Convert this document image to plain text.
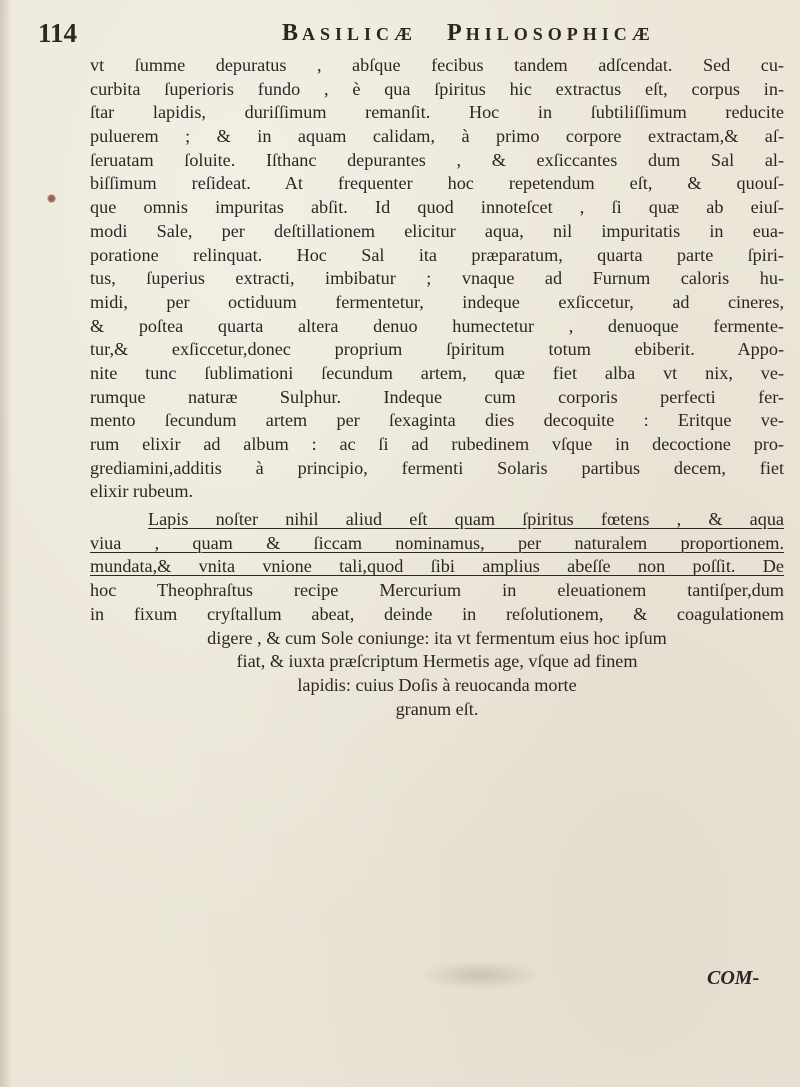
114	BASILICÆ PHILOSOPHICÆ
vt ſumme depuratus , abſque fecibus tandem adſcendat. Sed cu-
curbita ſuperioris fundo , è qua ſpiritus hic extractus eſt, corpus in-
ſtar lapidis, duriſſimum remanſit. Hoc in ſubtiliſſimum reducite
puluerem ; & in aquam calidam, à primo corpore extractam,& aſ-
ſeruatam ſoluite. Iſthanc depurantes , & exſiccantes dum Sal al-
biſſimum reſideat. At frequenter hoc repetendum eſt, & quouſ-
que omnis impuritas abſit. Id quod innoteſcet , ſi quæ ab eiuſ-
modi Sale, per deſtillationem elicitur aqua, nil impuritatis in eua-
poratione relinquat. Hoc Sal ita præparatum, quarta parte ſpiri-
tus, ſuperius extracti, imbibatur ; vnaque ad Furnum caloris hu-
midi, per octiduum fermentetur, indeque exſiccetur, ad cineres,
& poſtea quarta altera denuo humectetur , denuoque fermente-
tur,& exſiccetur,donec proprium ſpiritum totum ebiberit. Appo-
nite tunc ſublimationi ſecundum artem, quæ fiet alba vt nix, ve-
rumque naturæ Sulphur. Indeque cum corporis perfecti fer-
mento ſecundum artem per ſexaginta dies decoquite : Eritque ve-
rum elixir ad album : ac ſi ad rubedinem vſque in decoctione pro-
grediamini,additis à principio, fermenti Solaris partibus decem, fiet
elixir rubeum.
Lapis noſter nihil aliud eſt quam ſpiritus fœtens , & aqua
viua , quam & ſiccam nominamus, per naturalem proportionem.
mundata,& vnita vnione tali,quod ſibi amplius abeſſe non poſſit. De
hoc Theophraſtus recipe Mercurium in eleuationem tantiſper,dum
in fixum cryſtallum abeat, deinde in reſolutionem, & coagulationem
digere , & cum Sole coniunge: ita vt fermentum eius hoc ipſum
fiat, & iuxta præſcriptum Hermetis age, vſque ad finem
lapidis: cuius Doſis à reuocanda morte
granum eſt.
COM-
